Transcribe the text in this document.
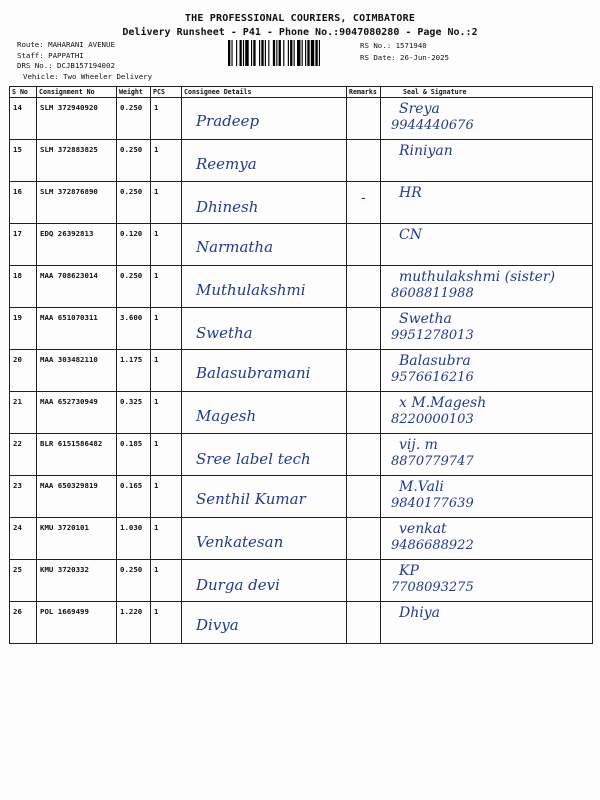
THE PROFESSIONAL COURIERS, COIMBATORE
Delivery Runsheet - P41 - Phone No.:9047080280 - Page No.:2
Route: MAHARANI AVENUE
Staff: PAPPATHI
DRS No.: DCJB157194002
Vehicle: Two Wheeler Delivery
RS No.: 1571940
RS Date: 26-Jun-2025
S No	Consignment No	Weight	PCS	Consignee Details	Remarks	Seal & Signature
14	SLM 372940920	0.250	1	Pradeep		Sreya
9944440676

15	SLM 372883825	0.250	1	Reemya		Riniyan

16	SLM 372876890	0.250	1	Dhinesh	-	HR

17	EDQ 26392813	0.120	1	Narmatha		CN

18	MAA 708623014	0.250	1	Muthulakshmi		muthulakshmi (sister)
8608811988

19	MAA 651070311	3.600	1	Swetha		Swetha
9951278013

20	MAA 303482110	1.175	1	Balasubramani		Balasubra
9576616216

21	MAA 652730949	0.325	1	Magesh		x M.Magesh
8220000103

22	BLR 6151586482	0.185	1	Sree label tech		vij. m
8870779747

23	MAA 650329819	0.165	1	Senthil Kumar		M.Vali
9840177639

24	KMU 3720101	1.030	1	Venkatesan		venkat
9486688922

25	KMU 3720332	0.250	1	Durga devi		KP
7708093275

26	POL 1669499	1.220	1	Divya		Dhiya
